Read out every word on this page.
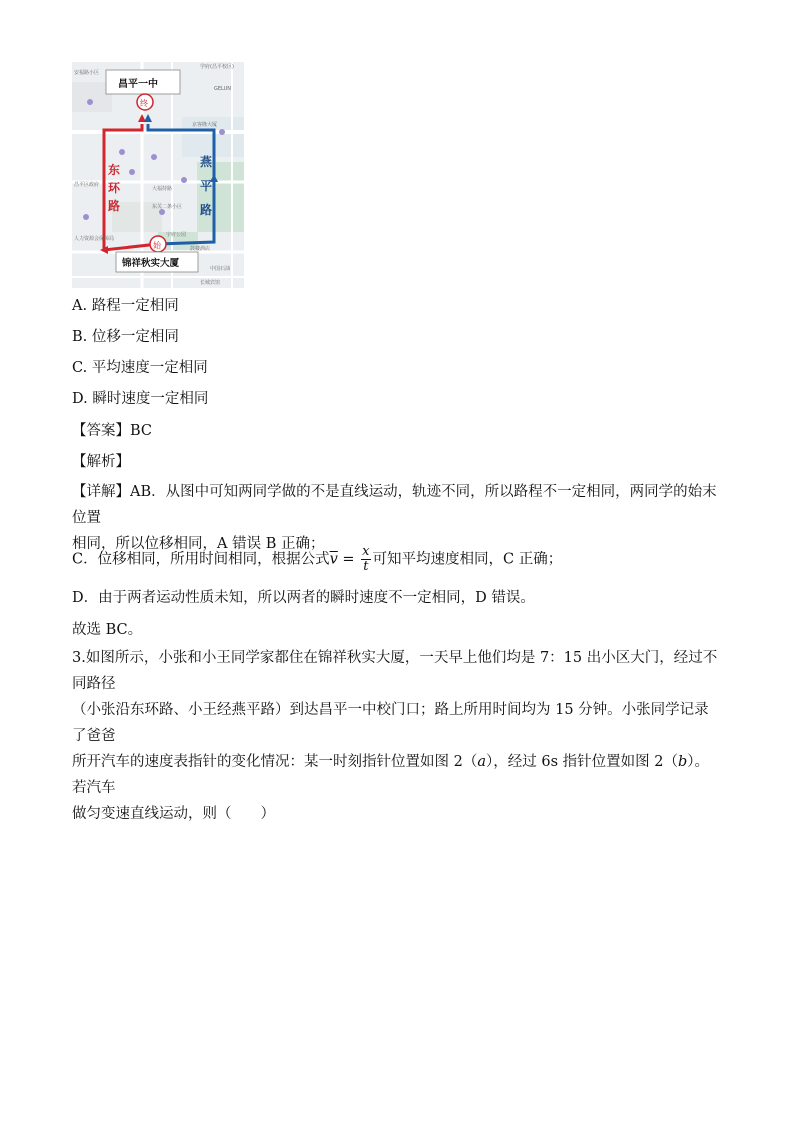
昌平一中
终
始
锦祥秋实大厦
东
环
路
燕
平
路
学府(昌平校区)
GELUN
安福路小区
京客隆大厦
昌平区政府
大福持路
东关二条小区
宇府公园
人力资源会保障局
鼓楼酒店
长城宾馆
中国石油
A. 路程一定相同
B. 位移一定相同
C. 平均速度一定相同
D. 瞬时速度一定相同
【答案】BC
【解析】
【详解】AB．从图中可知两同学做的不是直线运动，轨迹不同，所以路程不一定相同，两同学的始末位置
相同，所以位移相同，A 错误 B 正确；
C．位移相同，所用时间相同，根据公式$\overline{v} = \frac{x}{t}$ 可知平均速度相同，C 正确；
D．由于两者运动性质未知，所以两者的瞬时速度不一定相同，D 错误。
故选 BC。
3.如图所示，小张和小王同学家都住在锦祥秋实大厦，一天早上他们均是 7：15 出小区大门，经过不同路径
（小张沿东环路、小王经燕平路）到达昌平一中校门口；路上所用时间均为 15 分钟。小张同学记录了爸爸
所开汽车的速度表指针的变化情况：某一时刻指针位置如图 2（a），经过 6s 指针位置如图 2（b）。若汽车
做匀变速直线运动，则（　　）
